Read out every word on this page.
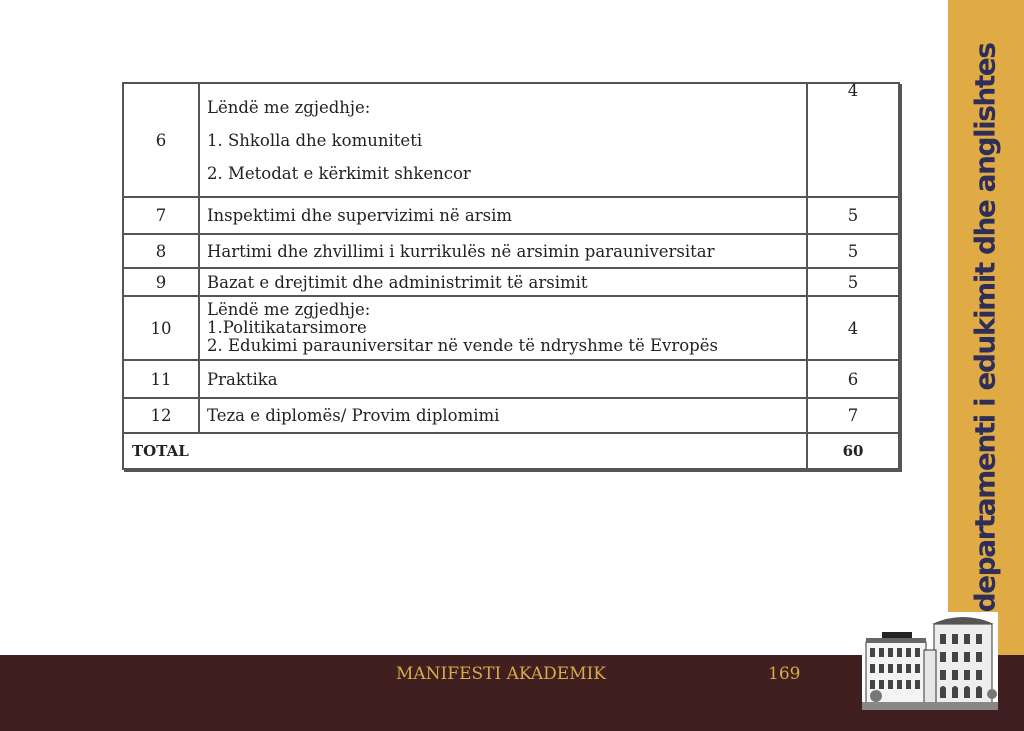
6	Lëndë me zgjedhje:

1. Shkolla dhe komuniteti

2. Metodat e kërkimit shkencor	4
7	Inspektimi dhe supervizimi në arsim	5
8	Hartimi dhe zhvillimi i kurrikulës në arsimin parauniversitar	5
9	Bazat e drejtimit dhe administrimit të arsimit	5
10	Lëndë me zgjedhje:

1.Politikatarsimore

2. Edukimi parauniversitar në vende të ndryshme të Evropës	4
11	Praktika	6
12	Teza e diplomës/ Provim diplomimi	7
TOTAL		60	departamenti i edukimit dhe anglishtes
MANIFESTI AKADEMIK	169
